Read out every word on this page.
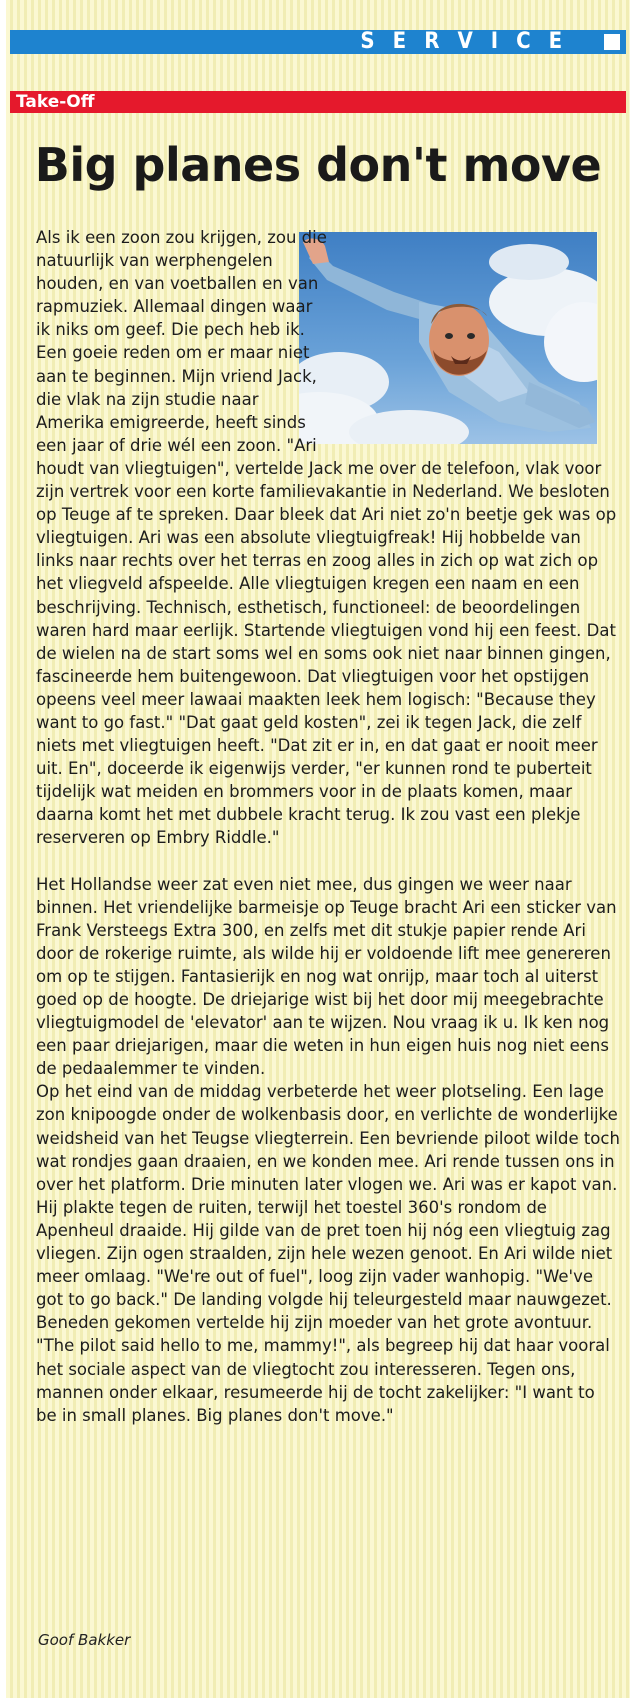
SERVICE
Take-Off
Big planes don't move

Als ik een zoon zou krijgen, zou die natuurlijk van werphengelen houden, en van voetballen en van rapmuziek. Allemaal dingen waar ik niks om geef. Die pech heb ik. Een goeie reden om er maar niet aan te beginnen. Mijn vriend Jack, die vlak na zijn studie naar Amerika emigreerde, heeft sinds een jaar of drie wél een zoon. "Ari houdt van vliegtuigen", vertelde Jack me over de telefoon, vlak voor zijn vertrek voor een korte familievakantie in Nederland. We besloten op Teuge af te spreken. Daar bleek dat Ari niet zo'n beetje gek was op vliegtuigen. Ari was een absolute vliegtuigfreak! Hij hobbelde van links naar rechts over het terras en zoog alles in zich op wat zich op het vliegveld afspeelde. Alle vliegtuigen kregen een naam en een beschrijving. Technisch, esthetisch, functioneel: de beoordelingen waren hard maar eerlijk. Startende vliegtuigen vond hij een feest. Dat de wielen na de start soms wel en soms ook niet naar binnen gingen, fascineerde hem buitengewoon. Dat vliegtuigen voor het opstijgen opeens veel meer lawaai maakten leek hem logisch: "Because they want to go fast." "Dat gaat geld kosten", zei ik tegen Jack, die zelf niets met vliegtuigen heeft. "Dat zit er in, en dat gaat er nooit meer uit. En", doceerde ik eigenwijs verder, "er kunnen rond te puberteit tijdelijk wat meiden en brommers voor in de plaats komen, maar daarna komt het met dubbele kracht terug. Ik zou vast een plekje reserveren op Embry Riddle."

Het Hollandse weer zat even niet mee, dus gingen we weer naar binnen. Het vriendelijke barmeisje op Teuge bracht Ari een sticker van Frank Versteegs Extra 300, en zelfs met dit stukje papier rende Ari door de rokerige ruimte, als wilde hij er voldoende lift mee genereren om op te stijgen. Fantasierijk en nog wat onrijp, maar toch al uiterst goed op de hoogte. De driejarige wist bij het door mij meegebrachte vliegtuigmodel de 'elevator' aan te wijzen. Nou vraag ik u. Ik ken nog een paar driejarigen, maar die weten in hun eigen huis nog niet eens de pedaalemmer te vinden.

Op het eind van de middag verbeterde het weer plotseling. Een lage zon knipoogde onder de wolkenbasis door, en verlichte de wonderlijke weidsheid van het Teugse vliegterrein. Een bevriende piloot wilde toch wat rondjes gaan draaien, en we konden mee. Ari rende tussen ons in over het platform. Drie minuten later vlogen we. Ari was er kapot van. Hij plakte tegen de ruiten, terwijl het toestel 360's rondom de Apenheul draaide. Hij gilde van de pret toen hij nóg een vliegtuig zag vliegen. Zijn ogen straalden, zijn hele wezen genoot. En Ari wilde niet meer omlaag. "We're out of fuel", loog zijn vader wanhopig. "We've got to go back." De landing volgde hij teleurgesteld maar nauwgezet. Beneden gekomen vertelde hij zijn moeder van het grote avontuur. "The pilot said hello to me, mammy!", als begreep hij dat haar vooral het sociale aspect van de vliegtocht zou interesseren. Tegen ons, mannen onder elkaar, resumeerde hij de tocht zakelijker: "I want to be in small planes. Big planes don't move."

Goof Bakker
